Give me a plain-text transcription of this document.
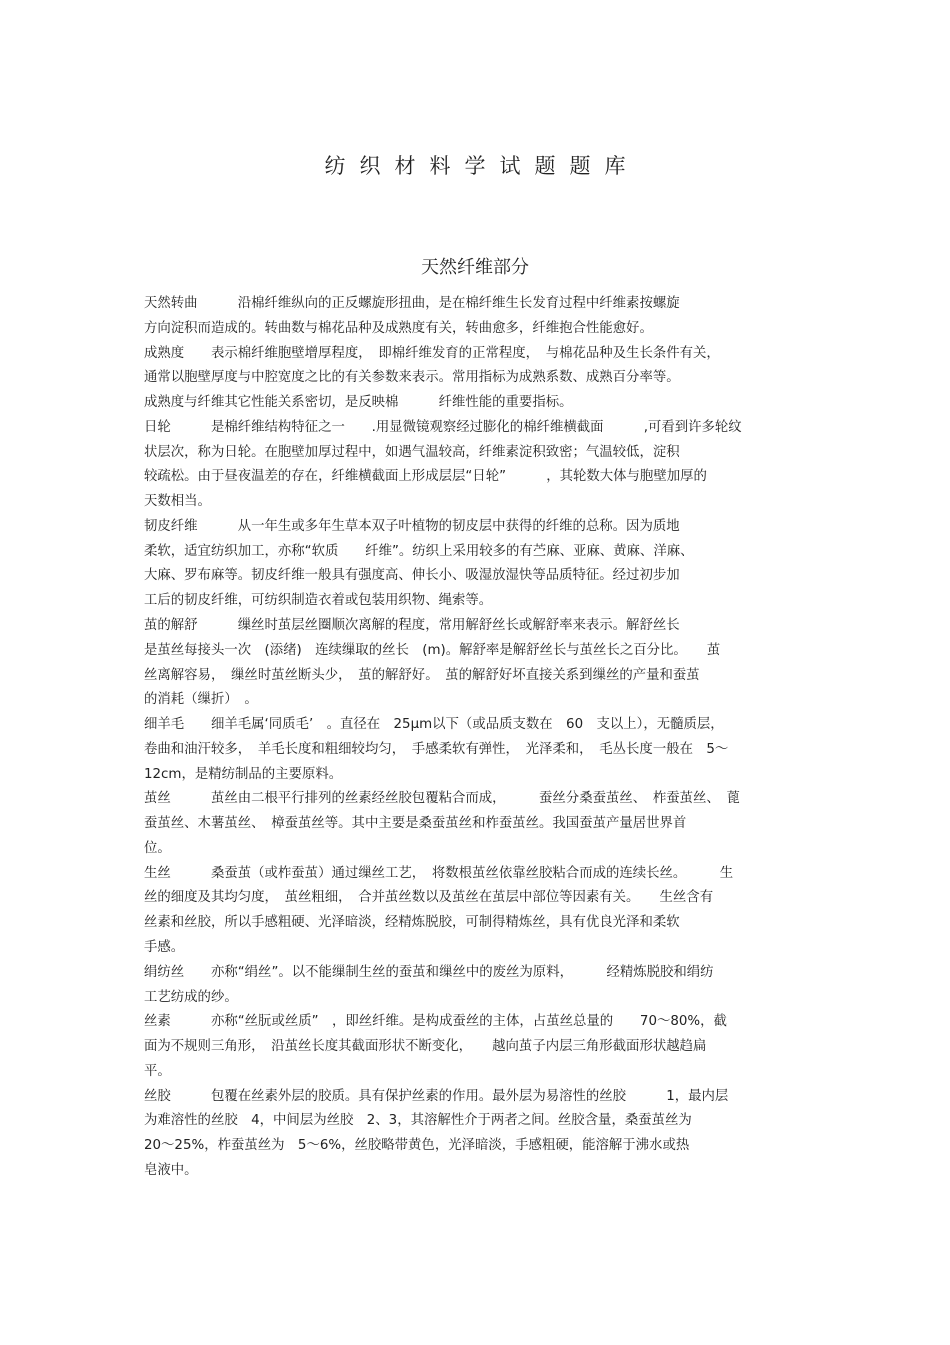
纺织材料学试题题库
天然纤维部分
天然转曲　　　沿棉纤维纵向的正反螺旋形扭曲，是在棉纤维生长发育过程中纤维素按螺旋
方向淀积而造成的。转曲数与棉花品种及成熟度有关，转曲愈多，纤维抱合性能愈好。
成熟度　　表示棉纤维胞壁增厚程度，　即棉纤维发育的正常程度，　与棉花品种及生长条件有关，
通常以胞壁厚度与中腔宽度之比的有关参数来表示。常用指标为成熟系数、成熟百分率等。
成熟度与纤维其它性能关系密切，是反映棉　　　纤维性能的重要指标。
日轮　　　是棉纤维结构特征之一　　.用显微镜观察经过膨化的棉纤维横截面　　　,可看到许多轮纹
状层次，称为日轮。在胞壁加厚过程中，如遇气温较高，纤维素淀积致密；气温较低，淀积
较疏松。由于昼夜温差的存在，纤维横截面上形成层层“日轮”　　　，其轮数大体与胞壁加厚的
天数相当。
韧皮纤维　　　从一年生或多年生草本双子叶植物的韧皮层中获得的纤维的总称。因为质地
柔软，适宜纺织加工，亦称“软质　　纤维”。纺织上采用较多的有苎麻、亚麻、黄麻、洋麻、
大麻、罗布麻等。韧皮纤维一般具有强度高、伸长小、吸湿放湿快等品质特征。经过初步加
工后的韧皮纤维，可纺织制造衣着或包装用织物、绳索等。
茧的解舒　　　缫丝时茧层丝圈顺次离解的程度，常用解舒丝长或解舒率来表示。解舒丝长
是茧丝每接头一次　(添绪)　连续缫取的丝长　(m)。解舒率是解舒丝长与茧丝长之百分比。　　茧
丝离解容易，　缫丝时茧丝断头少，　茧的解舒好。　茧的解舒好坏直接关系到缫丝的产量和蚕茧
的消耗（缫折）　。
细羊毛　　细羊毛属‘同质毛’　。直径在　25μm以下（或品质支数在　60　支以上），无髓质层，
卷曲和油汗较多，　羊毛长度和粗细较均匀，　手感柔软有弹性，　光泽柔和，　毛丛长度一般在　5～
12cm，是精纺制品的主要原料。
茧丝　　　茧丝由二根平行排列的丝素经丝胶包覆粘合而成，　　　蚕丝分桑蚕茧丝、　柞蚕茧丝、　蓖
蚕茧丝、木薯茧丝、　樟蚕茧丝等。其中主要是桑蚕茧丝和柞蚕茧丝。我国蚕茧产量居世界首
位。
生丝　　　桑蚕茧（或柞蚕茧）通过缫丝工艺，　将数根茧丝依靠丝胶粘合而成的连续长丝。　　　生
丝的细度及其均匀度，　茧丝粗细，　合并茧丝数以及茧丝在茧层中部位等因素有关。　　生丝含有
丝素和丝胶，所以手感粗硬、光泽暗淡，经精炼脱胶，可制得精炼丝，具有优良光泽和柔软
手感。
绢纺丝　　亦称“绢丝”。以不能缫制生丝的蚕茧和缫丝中的废丝为原料，　　　经精炼脱胶和绢纺
工艺纺成的纱。
丝素　　　亦称“丝朊或丝质”　，即丝纤维。是构成蚕丝的主体，占茧丝总量的　　70～80%，截
面为不规则三角形，　沿茧丝长度其截面形状不断变化，　　越向茧子内层三角形截面形状越趋扁
平。
丝胶　　　包覆在丝素外层的胶质。具有保护丝素的作用。最外层为易溶性的丝胶　　　1，最内层
为难溶性的丝胶　4，中间层为丝胶　2、3，其溶解性介于两者之间。丝胶含量，桑蚕茧丝为
20～25%，柞蚕茧丝为　5～6%，丝胶略带黄色，光泽暗淡，手感粗硬，能溶解于沸水或热
皂液中。
